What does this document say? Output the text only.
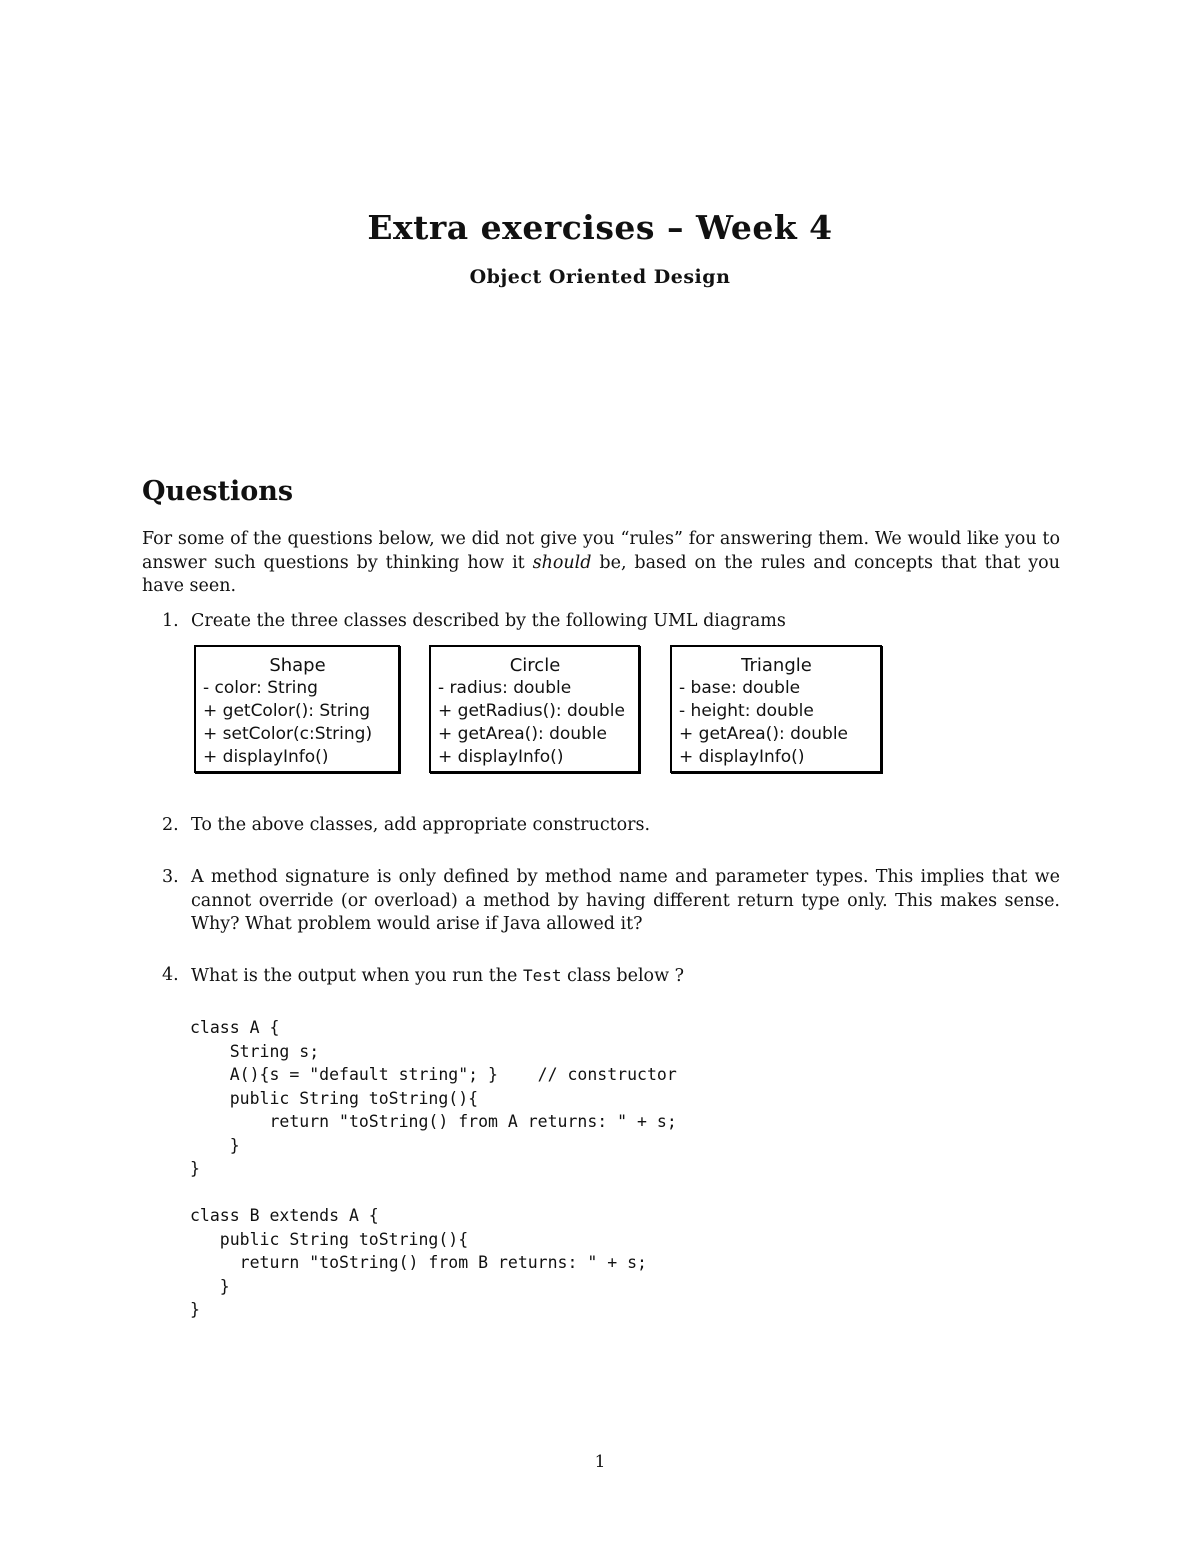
Extra exercises – Week 4
Object Oriented Design
Questions
For some of the questions below, we did not give you “rules” for answering them. We would like you to answer such questions by thinking how it should be, based on the rules and concepts that that you have seen.
1. Create the three classes described by the following UML diagrams
Shape
- color: String
+ getColor(): String
+ setColor(c:String)
+ displayInfo()
Circle
- radius: double
+ getRadius(): double
+ getArea(): double
+ displayInfo()
Triangle
- base: double
- height: double
+ getArea(): double
+ displayInfo()
2. To the above classes, add appropriate constructors.
3. A method signature is only defined by method name and parameter types. This implies that we cannot override (or overload) a method by having different return type only. This makes sense. Why? What problem would arise if Java allowed it?
4. What is the output when you run the Test class below ?
class A {
String s;
A(){s = "default string"; }    // constructor
public String toString(){
return "toString() from A returns: " + s;
}
}

class B extends A {
public String toString(){
return "toString() from B returns: " + s;
}
}
1
